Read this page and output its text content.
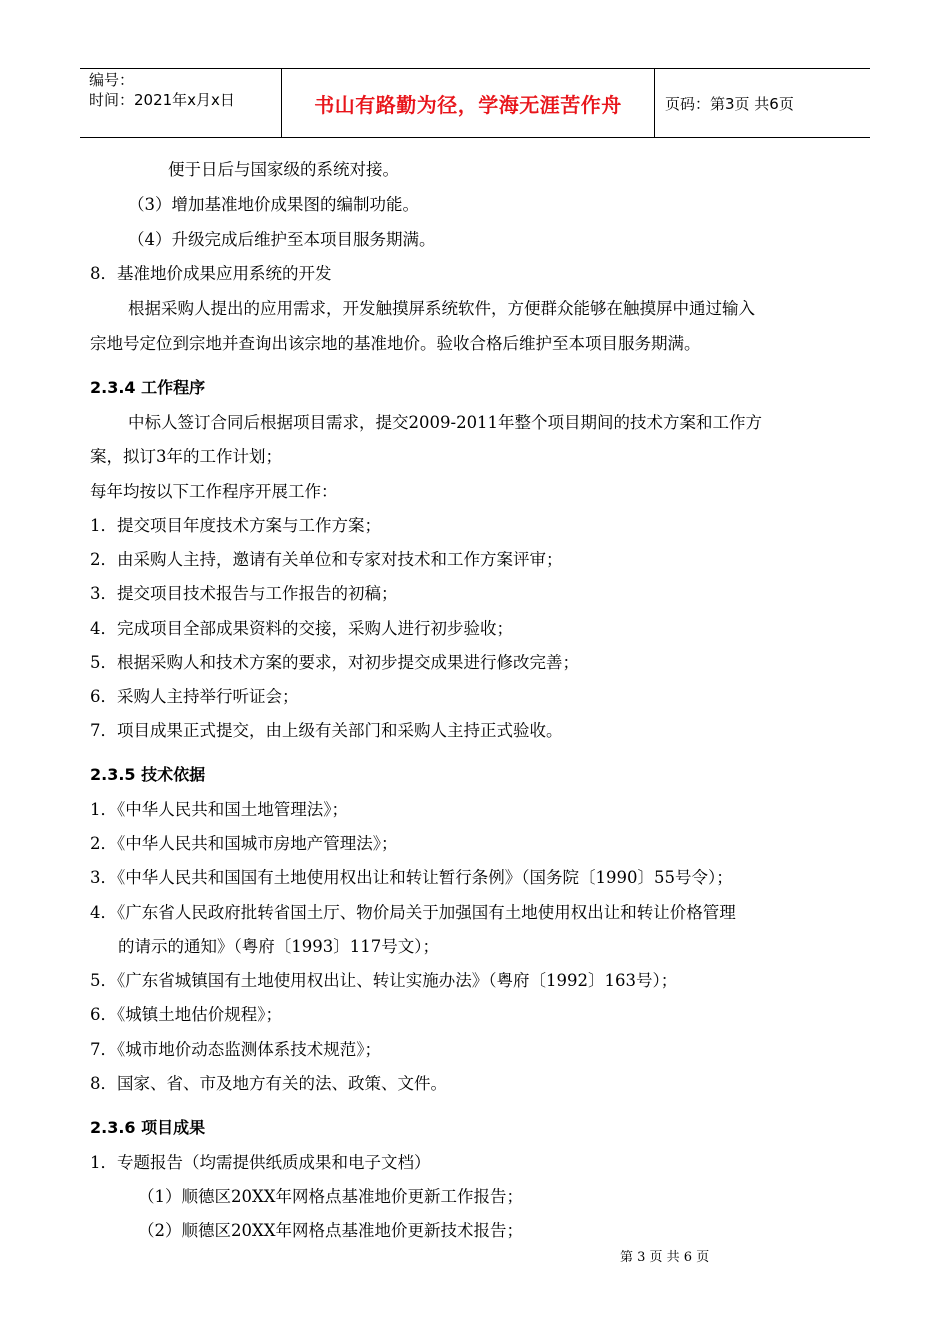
编号：
时间：2021年x月x日	书山有路勤为径，学海无涯苦作舟	页码：第3页 共6页
便于日后与国家级的系统对接。
（3）增加基准地价成果图的编制功能。
（4）升级完成后维护至本项目服务期满。
8．基准地价成果应用系统的开发
根据采购人提出的应用需求，开发触摸屏系统软件，方便群众能够在触摸屏中通过输入
宗地号定位到宗地并查询出该宗地的基准地价。验收合格后维护至本项目服务期满。
2.3.4 工作程序
中标人签订合同后根据项目需求，提交2009-2011年整个项目期间的技术方案和工作方
案，拟订3年的工作计划；
每年均按以下工作程序开展工作：
1．提交项目年度技术方案与工作方案；
2．由采购人主持，邀请有关单位和专家对技术和工作方案评审；
3．提交项目技术报告与工作报告的初稿；
4．完成项目全部成果资料的交接，采购人进行初步验收；
5．根据采购人和技术方案的要求，对初步提交成果进行修改完善；
6．采购人主持举行听证会；
7．项目成果正式提交，由上级有关部门和采购人主持正式验收。
2.3.5 技术依据
1．《中华人民共和国土地管理法》；
2．《中华人民共和国城市房地产管理法》；
3．《中华人民共和国国有土地使用权出让和转让暂行条例》（国务院〔1990〕55号令）；
4．《广东省人民政府批转省国土厅、物价局关于加强国有土地使用权出让和转让价格管理
的请示的通知》（粤府〔1993〕117号文）；
5．《广东省城镇国有土地使用权出让、转让实施办法》（粤府〔1992〕163号）；
6．《城镇土地估价规程》；
7．《城市地价动态监测体系技术规范》；
8．国家、省、市及地方有关的法、政策、文件。
2.3.6 项目成果
1．专题报告（均需提供纸质成果和电子文档）
（1）顺德区20XX年网格点基准地价更新工作报告；
（2）顺德区20XX年网格点基准地价更新技术报告；
第 3 页 共 6 页
